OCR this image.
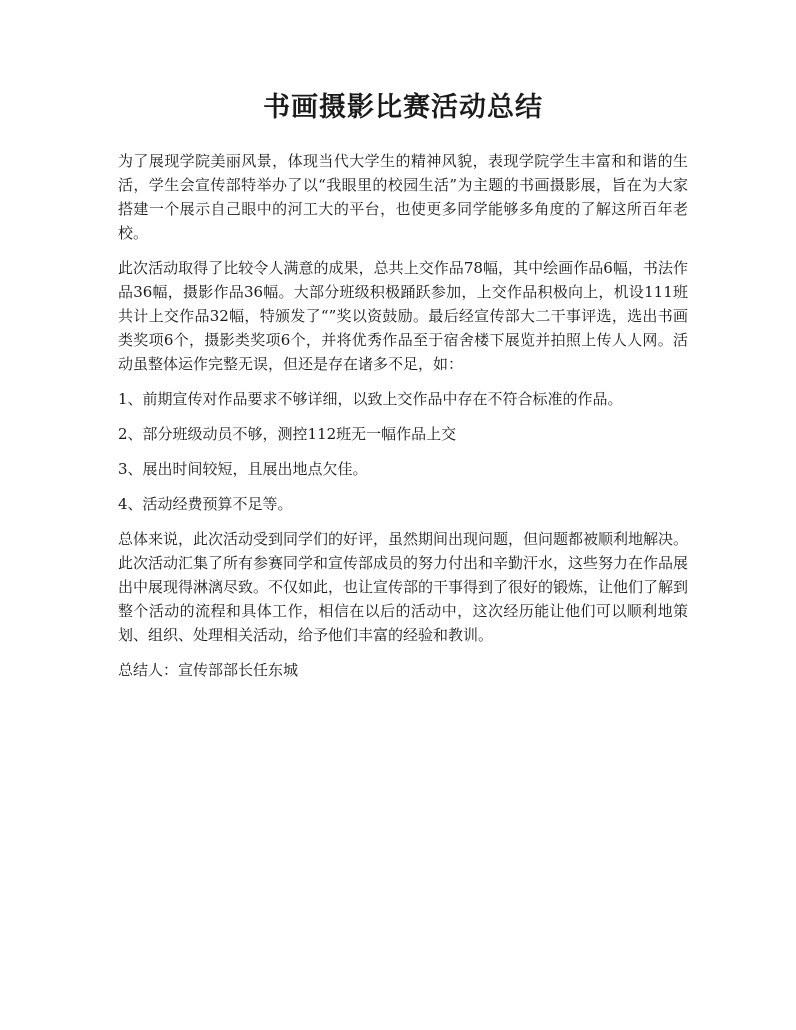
书画摄影比赛活动总结

为了展现学院美丽风景，体现当代大学生的精神风貌，表现学院学生丰富和和谐的生活，学生会宣传部特举办了以“我眼里的校园生活”为主题的书画摄影展，旨在为大家搭建一个展示自己眼中的河工大的平台，也使更多同学能够多角度的了解这所百年老校。

此次活动取得了比较令人满意的成果，总共上交作品78幅，其中绘画作品6幅，书法作品36幅，摄影作品36幅。大部分班级积极踊跃参加，上交作品积极向上，机设111班共计上交作品32幅，特颁发了“”奖以资鼓励。最后经宣传部大二干事评选，选出书画类奖项6个，摄影类奖项6个，并将优秀作品至于宿舍楼下展览并拍照上传人人网。活动虽整体运作完整无误，但还是存在诸多不足，如：

1、前期宣传对作品要求不够详细，以致上交作品中存在不符合标准的作品。

2、部分班级动员不够，测控112班无一幅作品上交

3、展出时间较短，且展出地点欠佳。

4、活动经费预算不足等。

总体来说，此次活动受到同学们的好评，虽然期间出现问题，但问题都被顺利地解决。此次活动汇集了所有参赛同学和宣传部成员的努力付出和辛勤汗水，这些努力在作品展出中展现得淋漓尽致。不仅如此，也让宣传部的干事得到了很好的锻炼，让他们了解到整个活动的流程和具体工作，相信在以后的活动中，这次经历能让他们可以顺利地策划、组织、处理相关活动，给予他们丰富的经验和教训。

总结人：宣传部部长任东城
